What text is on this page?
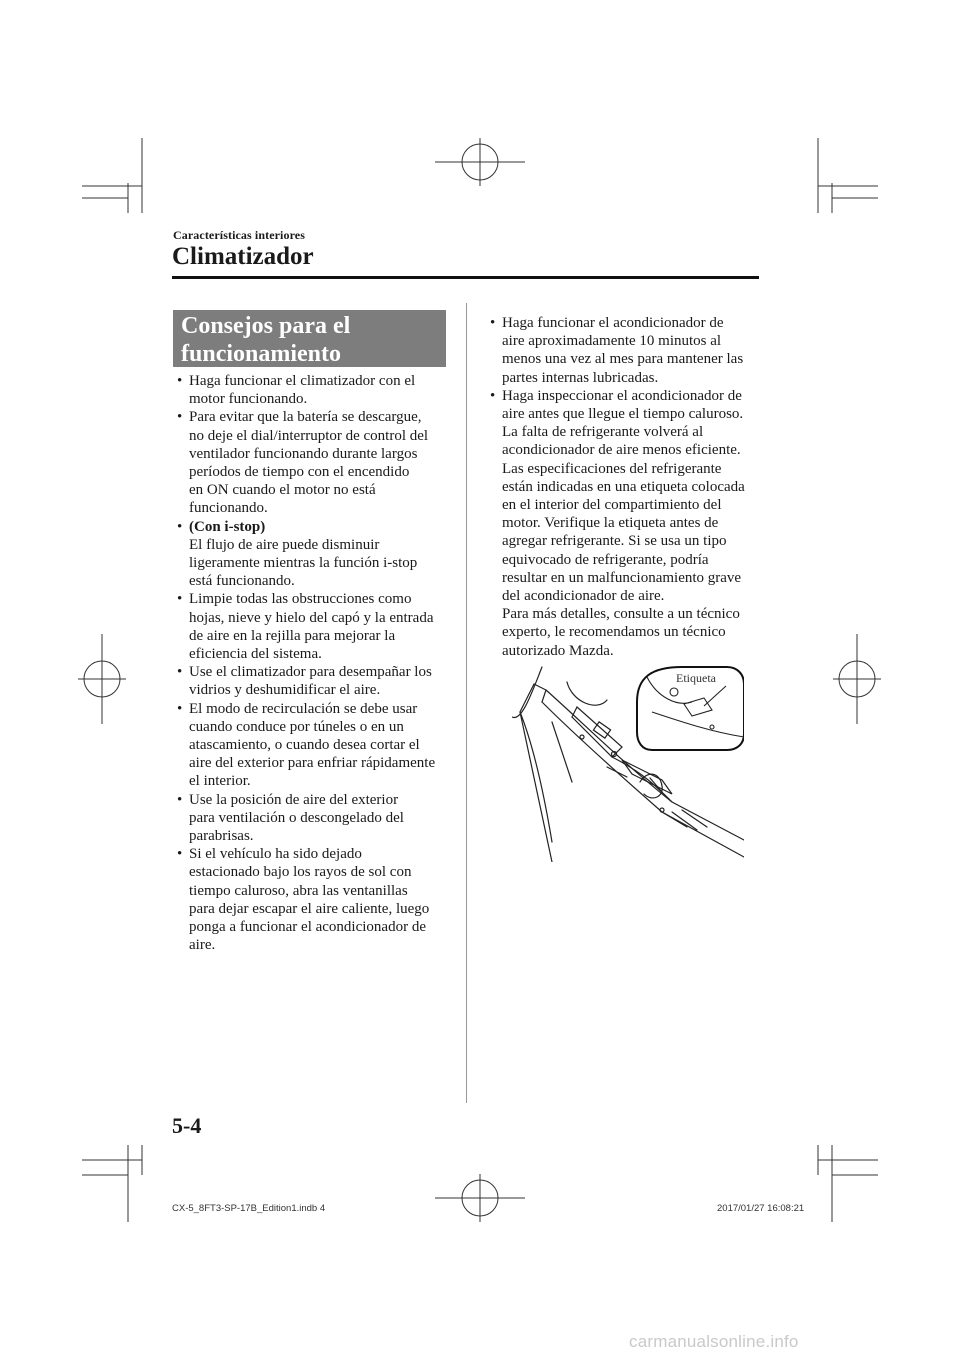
Características interiores
Climatizador
Consejos para el funcionamiento
• Haga funcionar el climatizador con el
motor funcionando.
• Para evitar que la batería se descargue,
no deje el dial/interruptor de control del
ventilador funcionando durante largos
períodos de tiempo con el encendido
en ON cuando el motor no está
funcionando.
• (Con i-stop)
El flujo de aire puede disminuir
ligeramente mientras la función i-stop
está funcionando.
• Limpie todas las obstrucciones como
hojas, nieve y hielo del capó y la entrada
de aire en la rejilla para mejorar la
eficiencia del sistema.
• Use el climatizador para desempañar los
vidrios y deshumidificar el aire.
• El modo de recirculación se debe usar
cuando conduce por túneles o en un
atascamiento, o cuando desea cortar el
aire del exterior para enfriar rápidamente
el interior.
• Use la posición de aire del exterior
para ventilación o descongelado del
parabrisas.
• Si el vehículo ha sido dejado
estacionado bajo los rayos de sol con
tiempo caluroso, abra las ventanillas
para dejar escapar el aire caliente, luego
ponga a funcionar el acondicionador de
aire.
• Haga funcionar el acondicionador de
aire aproximadamente 10 minutos al
menos una vez al mes para mantener las
partes internas lubricadas.
• Haga inspeccionar el acondicionador de
aire antes que llegue el tiempo caluroso.
La falta de refrigerante volverá al
acondicionador de aire menos eficiente.
Las especificaciones del refrigerante
están indicadas en una etiqueta colocada
en el interior del compartimiento del
motor. Verifique la etiqueta antes de
agregar refrigerante. Si se usa un tipo
equivocado de refrigerante, podría
resultar en un malfuncionamiento grave
del acondicionador de aire.
Para más detalles, consulte a un técnico
experto, le recomendamos un técnico
autorizado Mazda.
Etiqueta
5-4
CX-5_8FT3-SP-17B_Edition1.indb 4	2017/01/27 16:08:21
carmanualsonline.info
